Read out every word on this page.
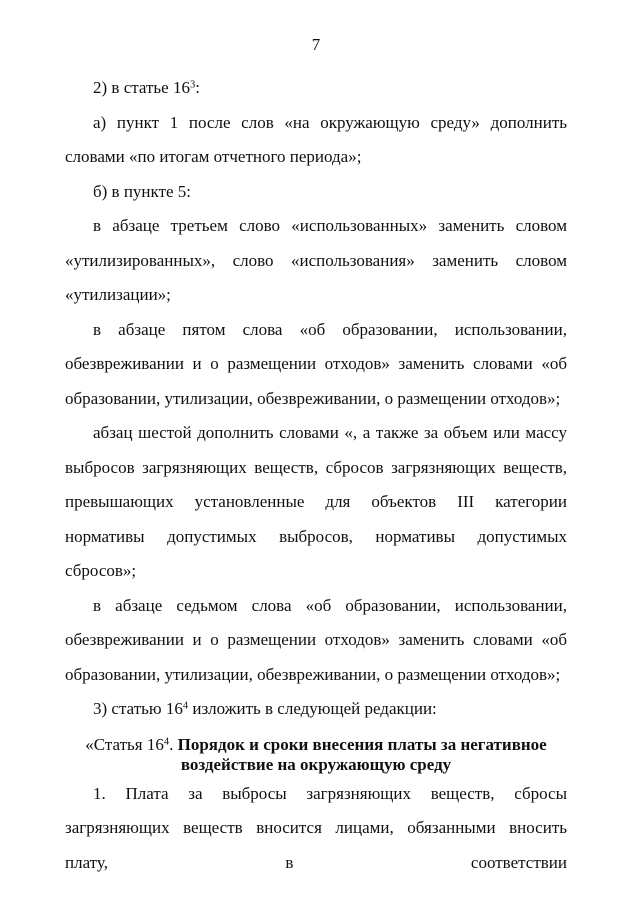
7

2) в статье $16^3$:

а) пункт 1 после слов «на окружающую среду» дополнить словами «по итогам отчетного периода»;

б) в пункте 5:

в абзаце третьем слово «использованных» заменить словом «утилизированных», слово «использования» заменить словом «утилизации»;

в абзаце пятом слова «об образовании, использовании, обезвреживании и о размещении отходов» заменить словами «об образовании, утилизации, обезвреживании, о размещении отходов»;

абзац шестой дополнить словами «, а также за объем или массу выбросов загрязняющих веществ, сбросов загрязняющих веществ, превышающих установленные для объектов III категории нормативы допустимых выбросов, нормативы допустимых сбросов»;

в абзаце седьмом слова «об образовании, использовании, обезвреживании и о размещении отходов» заменить словами «об образовании, утилизации, обезвреживании, о размещении отходов»;

3) статью $16^4$ изложить в следующей редакции:

«Статья $16^4$. Порядок и сроки внесения платы за негативное воздействие на окружающую среду

1. Плата за выбросы загрязняющих веществ, сбросы загрязняющих веществ вносится лицами, обязанными вносить плату, в соответствии
